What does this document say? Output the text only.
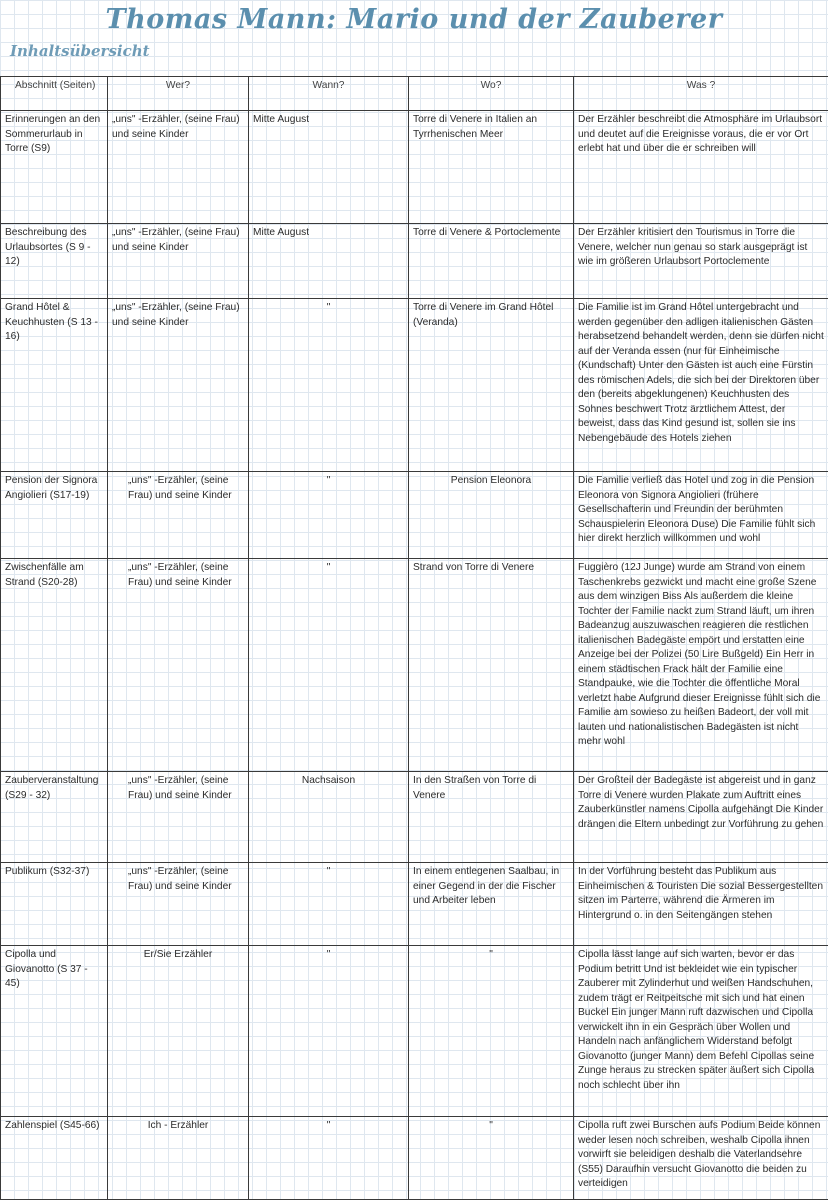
Thomas Mann: Mario und der Zauberer
Inhaltsübersicht
Abschnitt (Seiten)	Wer?	Wann?	Wo?	Was ?
Erinnerungen an den Sommerurlaub in Torre (S9)	„uns" -Erzähler, (seine Frau) und seine Kinder	Mitte August	Torre di Venere in Italien an Tyrrhenischen Meer	Der Erzähler beschreibt die Atmosphäre im Urlaubsort und deutet auf die Ereignisse voraus, die er vor Ort erlebt hat und über die er schreiben will
Beschreibung des Urlaubsortes (S 9 - 12)	„uns" -Erzähler, (seine Frau) und seine Kinder	Mitte August	Torre di Venere & Portoclemente	Der Erzähler kritisiert den Tourismus in Torre die Venere, welcher nun genau so stark ausgeprägt ist wie im größeren Urlaubsort Portoclemente
Grand Hôtel & Keuchhusten (S 13 - 16)	„uns" -Erzähler, (seine Frau) und seine Kinder	"	Torre di Venere im Grand Hôtel (Veranda)	Die Familie ist im Grand Hôtel untergebracht und werden gegenüber den adligen italienischen Gästen herabsetzend behandelt werden, denn sie dürfen nicht auf der Veranda essen (nur für Einheimische (Kundschaft) Unter den Gästen ist auch eine Fürstin des römischen Adels, die sich bei der Direktoren über den (bereits abgeklungenen) Keuchhusten des Sohnes beschwert Trotz ärztlichem Attest, der beweist, dass das Kind gesund ist, sollen sie ins Nebengebäude des Hotels ziehen
Pension der Signora Angiolieri (S17-19)	„uns" -Erzähler, (seine Frau) und seine Kinder	"	Pension Eleonora	Die Familie verließ das Hotel und zog in die Pension Eleonora von Signora Angiolieri (frühere Gesellschafterin und Freundin der berühmten Schauspielerin Eleonora Duse) Die Familie fühlt sich hier direkt herzlich willkommen und wohl
Zwischenfälle am Strand (S20-28)	„uns" -Erzähler, (seine Frau) und seine Kinder	"	Strand von Torre di Venere	Fuggièro (12J Junge) wurde am Strand von einem Taschenkrebs gezwickt und macht eine große Szene aus dem winzigen Biss Als außerdem die kleine Tochter der Familie nackt zum Strand läuft, um ihren Badeanzug auszuwaschen reagieren die restlichen italienischen Badegäste empört und erstatten eine Anzeige bei der Polizei (50 Lire Bußgeld) Ein Herr in einem städtischen Frack hält der Familie eine Standpauke, wie die Tochter die öffentliche Moral verletzt habe Aufgrund dieser Ereignisse fühlt sich die Familie am sowieso zu heißen Badeort, der voll mit lauten und nationalistischen Badegästen ist nicht mehr wohl
Zauberveranstaltung (S29 - 32)	„uns" -Erzähler, (seine Frau) und seine Kinder	Nachsaison	In den Straßen von Torre di Venere	Der Großteil der Badegäste ist abgereist und in ganz Torre di Venere wurden Plakate zum Auftritt eines Zauberkünstler namens Cipolla aufgehängt Die Kinder drängen die Eltern unbedingt zur Vorführung zu gehen
Publikum (S32-37)	„uns" -Erzähler, (seine Frau) und seine Kinder	"	In einem entlegenen Saalbau, in einer Gegend in der die Fischer und Arbeiter leben	In der Vorführung besteht das Publikum aus Einheimischen & Touristen Die sozial Bessergestellten sitzen im Parterre, während die Ärmeren im Hintergrund o. in den Seitengängen stehen
Cipolla und Giovanotto (S 37 - 45)	Er/Sie Erzähler	"	"	Cipolla lässt lange auf sich warten, bevor er das Podium betritt Und ist bekleidet wie ein typischer Zauberer mit Zylinderhut und weißen Handschuhen, zudem trägt er Reitpeitsche mit sich und hat einen Buckel Ein junger Mann ruft dazwischen und Cipolla verwickelt ihn in ein Gespräch über Wollen und Handeln nach anfänglichem Widerstand befolgt Giovanotto (junger Mann) dem Befehl Cipollas seine Zunge heraus zu strecken später äußert sich Cipolla noch schlecht über ihn
Zahlenspiel (S45-66)	Ich - Erzähler	"	"	Cipolla ruft zwei Burschen aufs Podium Beide können weder lesen noch schreiben, weshalb Cipolla ihnen vorwirft sie beleidigen deshalb die Vaterlandsehre (S55) Daraufhin versucht Giovanotto die beiden zu verteidigen
